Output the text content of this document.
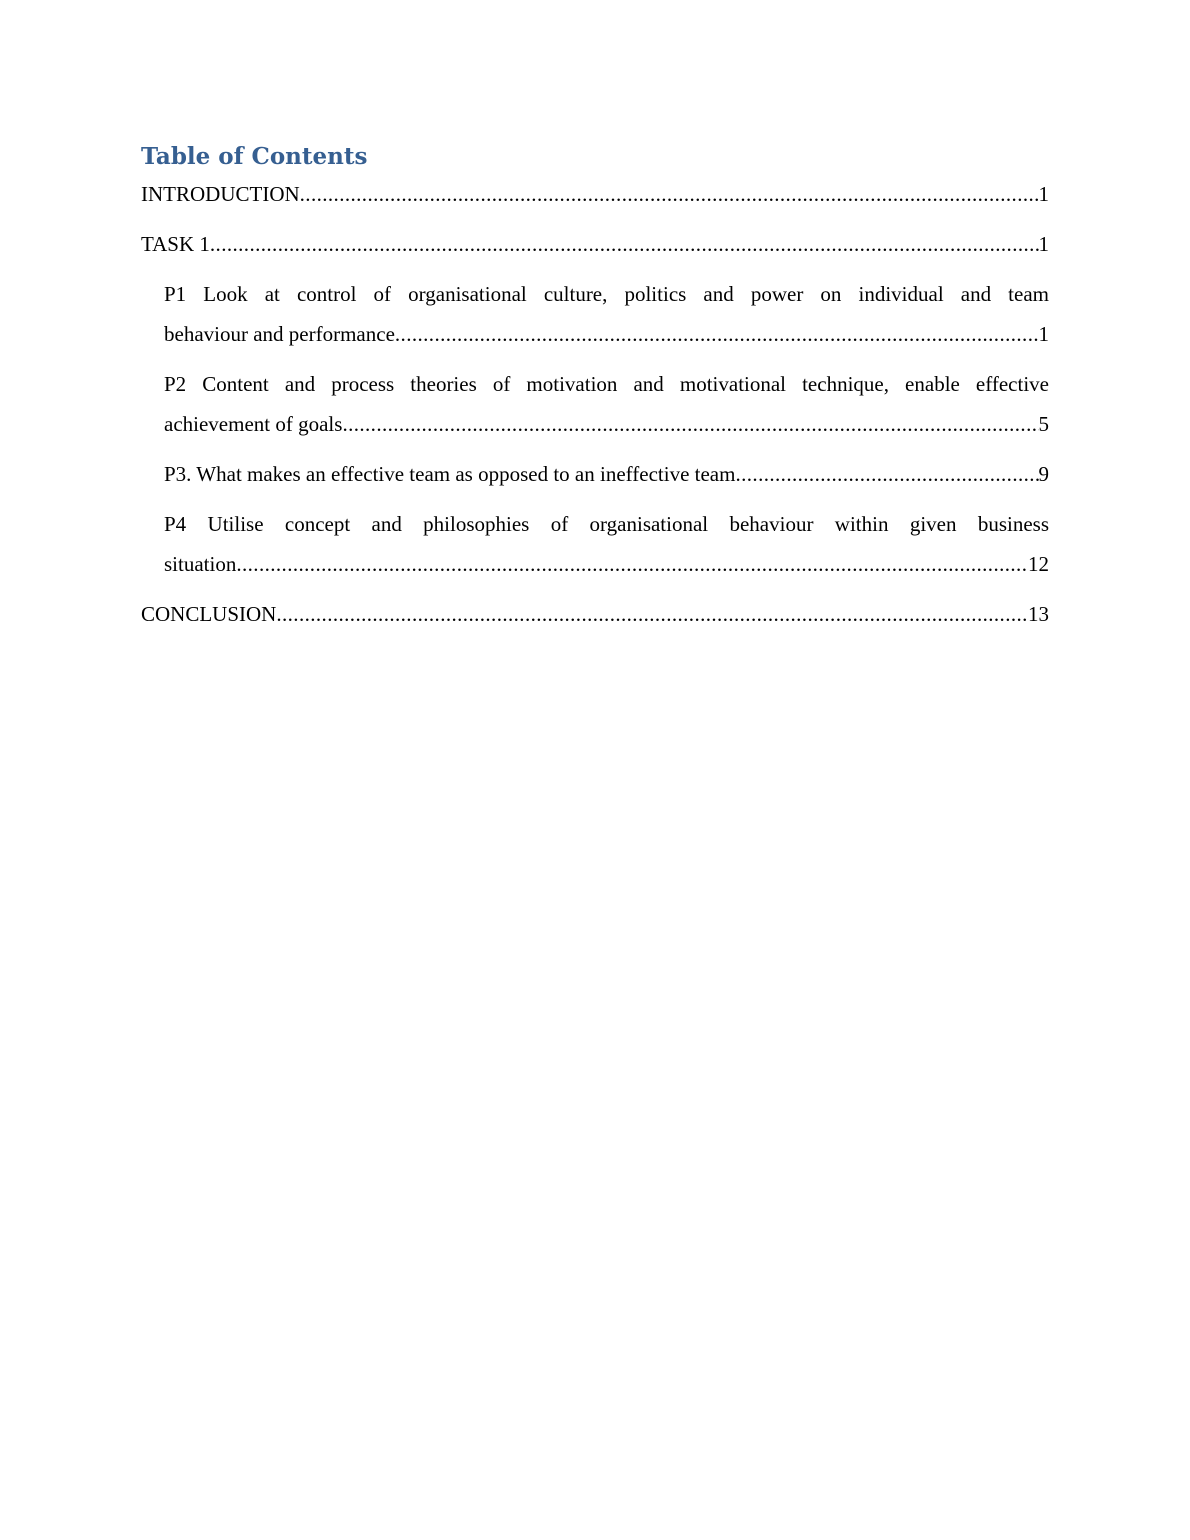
Table of Contents
INTRODUCTION .....	1
TASK 1 .....	1
P1 Look at control of organisational culture, politics and power on individual and team
behaviour and performance .....	1
P2 Content and process theories of motivation and motivational technique, enable effective
achievement of goals .....	5
P3. What makes an effective team as opposed to an ineffective team .....	9
P4 Utilise concept and philosophies of organisational behaviour within given business
situation .....	12
CONCLUSION .....	13
